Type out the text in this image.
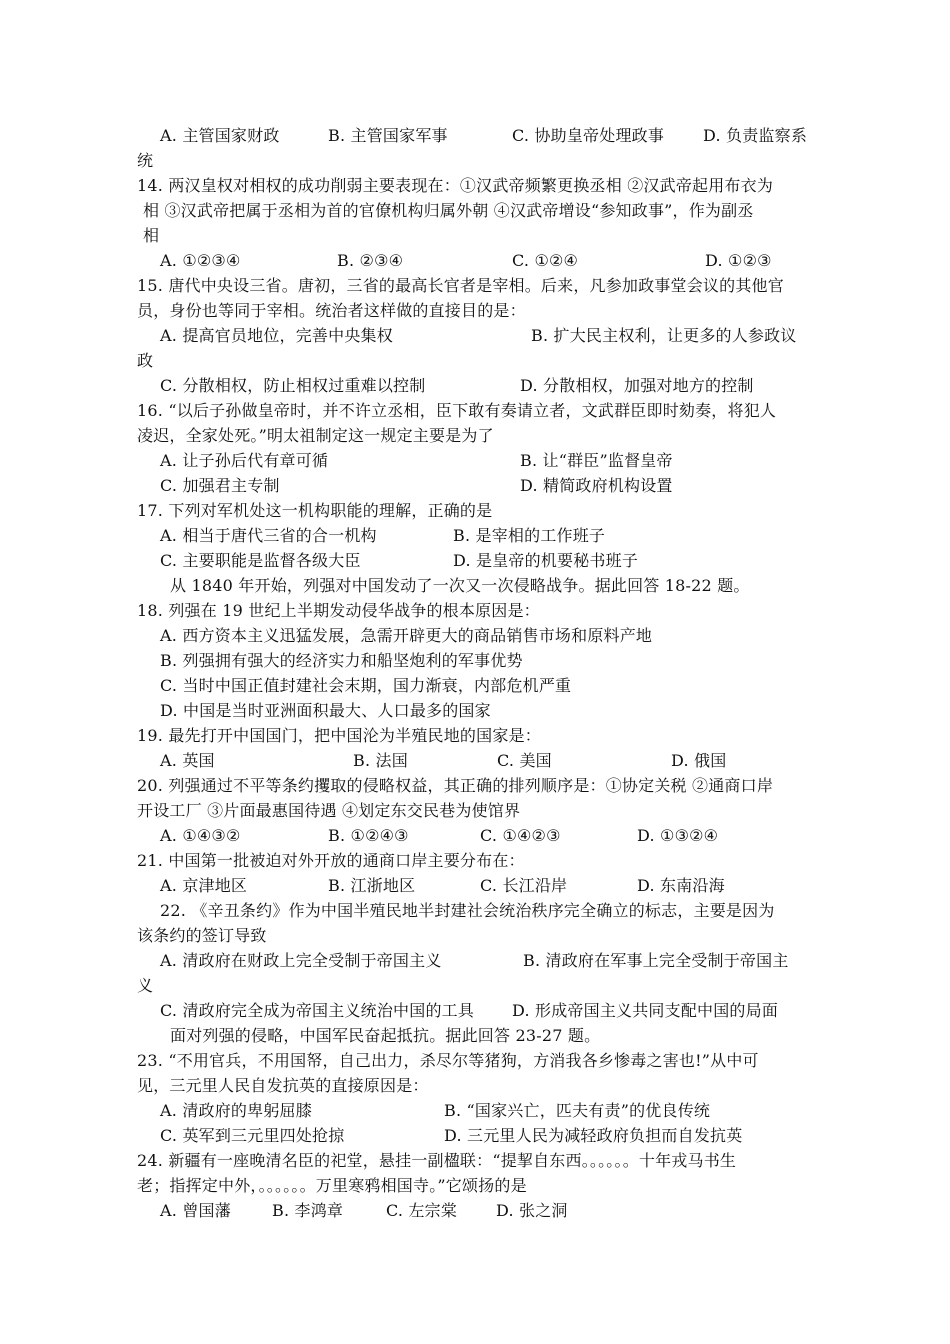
A. 主管国家财政	B. 主管国家军事	C. 协助皇帝处理政事 D. 负责监察系
统
14. 两汉皇权对相权的成功削弱主要表现在：①汉武帝频繁更换丞相 ②汉武帝起用布衣为
相 ③汉武帝把属于丞相为首的官僚机构归属外朝 ④汉武帝增设“参知政事”，作为副丞
相
A. ①②③④	B. ②③④	C. ①②④	D. ①②③
15. 唐代中央设三省。唐初，三省的最高长官者是宰相。后来，凡参加政事堂会议的其他官
员，身份也等同于宰相。统治者这样做的直接目的是：
A. 提高官员地位，完善中央集权	B. 扩大民主权利，让更多的人参政议
政
C. 分散相权，防止相权过重难以控制	D. 分散相权，加强对地方的控制
16. “以后子孙做皇帝时，并不许立丞相，臣下敢有奏请立者，文武群臣即时劾奏，将犯人
凌迟，全家处死。”明太祖制定这一规定主要是为了
A. 让子孙后代有章可循	B. 让“群臣”监督皇帝
C. 加强君主专制	D. 精简政府机构设置
17. 下列对军机处这一机构职能的理解，正确的是
A. 相当于唐代三省的合一机构	B. 是宰相的工作班子
C. 主要职能是监督各级大臣	D. 是皇帝的机要秘书班子
从 1840 年开始，列强对中国发动了一次又一次侵略战争。据此回答 18-22 题。
18. 列强在 19 世纪上半期发动侵华战争的根本原因是：
A. 西方资本主义迅猛发展，急需开辟更大的商品销售市场和原料产地
B. 列强拥有强大的经济实力和船坚炮利的军事优势
C. 当时中国正值封建社会末期，国力渐衰，内部危机严重
D. 中国是当时亚洲面积最大、人口最多的国家
19. 最先打开中国国门，把中国沦为半殖民地的国家是：
A. 英国	B. 法国	C. 美国	D. 俄国
20. 列强通过不平等条约攫取的侵略权益，其正确的排列顺序是：①协定关税 ②通商口岸
开设工厂 ③片面最惠国待遇 ④划定东交民巷为使馆界
A. ①④③②	B. ①②④③	C. ①④②③	D. ①③②④
21. 中国第一批被迫对外开放的通商口岸主要分布在：
A. 京津地区	B. 江浙地区	C. 长江沿岸	D. 东南沿海
22. 《辛丑条约》作为中国半殖民地半封建社会统治秩序完全确立的标志，主要是因为
该条约的签订导致
A. 清政府在财政上完全受制于帝国主义	B. 清政府在军事上完全受制于帝国主
义
C. 清政府完全成为帝国主义统治中国的工具 D. 形成帝国主义共同支配中国的局面
面对列强的侵略，中国军民奋起抵抗。据此回答 23-27 题。
23. “不用官兵，不用国帑，自己出力，杀尽尔等猪狗，方消我各乡惨毒之害也!”从中可
见，三元里人民自发抗英的直接原因是：
A. 清政府的卑躬屈膝	B. “国家兴亡，匹夫有责”的优良传统
C. 英军到三元里四处抢掠	D. 三元里人民为减轻政府负担而自发抗英
24. 新疆有一座晚清名臣的祀堂，悬挂一副楹联：“提挈自东西。。。。。。十年戎马书生
老；指挥定中外，。。。。。。万里寒鸦相国寺。”它颂扬的是
A. 曾国藩	B. 李鸿章	C. 左宗棠 D. 张之洞
